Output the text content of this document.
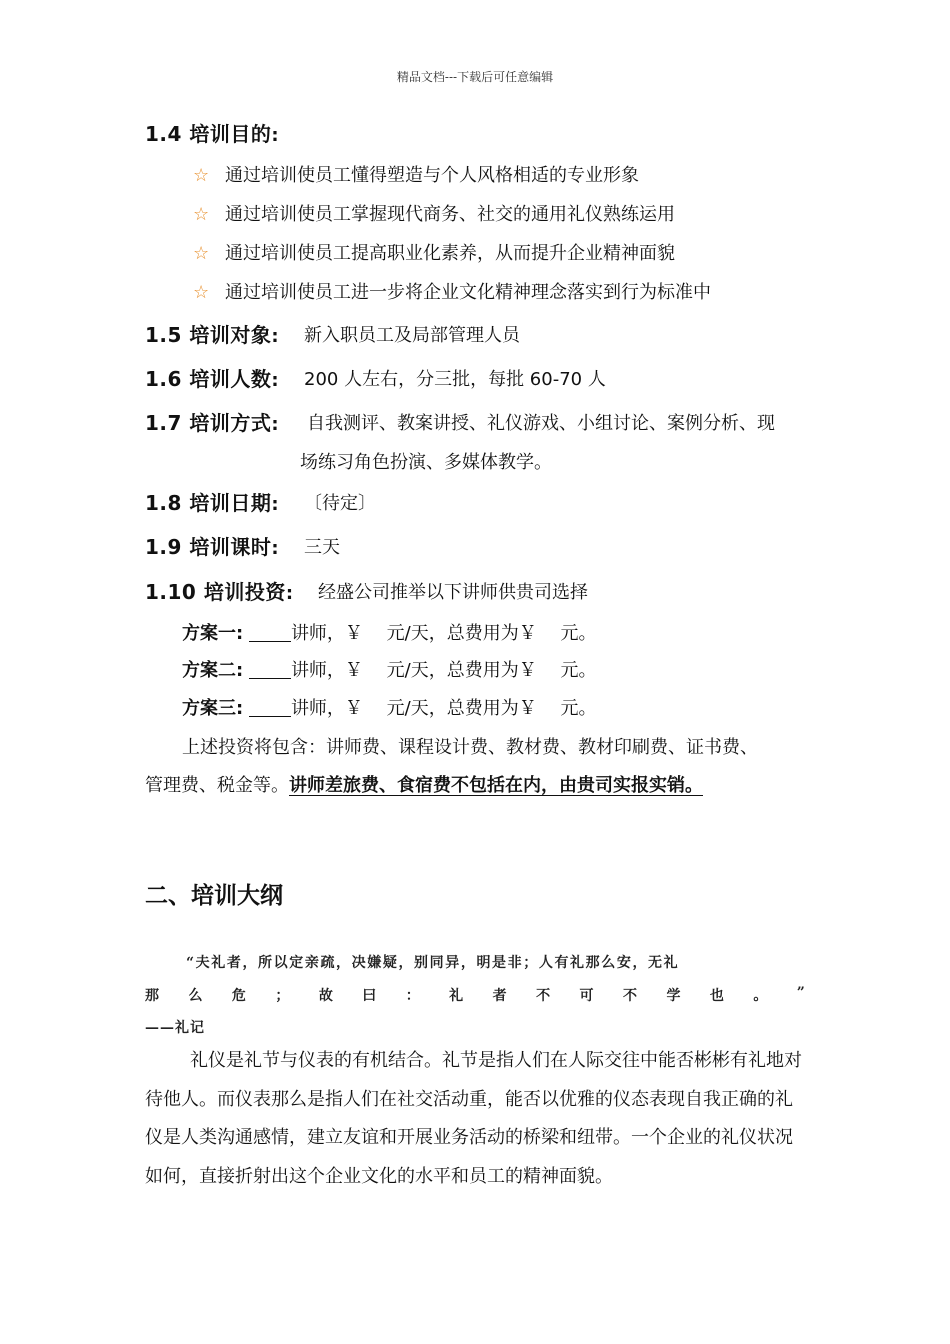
精品文档---下载后可任意编辑
1.4 培训目的:
☆ 通过培训使员工懂得塑造与个人风格相适的专业形象
☆ 通过培训使员工掌握现代商务、社交的通用礼仪熟练运用
☆ 通过培训使员工提高职业化素养，从而提升企业精神面貌
☆ 通过培训使员工进一步将企业文化精神理念落实到行为标准中
1.5 培训对象: 新入职员工及局部管理人员
1.6 培训人数: 200 人左右，分三批，每批 60-70 人
1.7 培训方式: 自我测评、教案讲授、礼仪游戏、小组讨论、案例分析、现
场练习角色扮演、多媒体教学。
1.8 培训日期: 〔待定〕
1.9 培训课时: 三天
1.10 培训投资: 经盛公司推举以下讲师供贵司选择
方案一:	讲师，￥　 元/天，总费用为￥　 元。
方案二:	讲师，￥　 元/天，总费用为￥　 元。
方案三:	讲师，￥　 元/天，总费用为￥　 元。
上述投资将包含：讲师费、课程设计费、教材费、教材印刷费、证书费、
管理费、税金等。讲师差旅费、食宿费不包括在内，由贵司实报实销。
二、培训大纲
“夫礼者，所以定亲疏，决嫌疑，别同异，明是非；人有礼那么安，无礼
那 么 危 ； 故 曰 ： 礼 者 不 可 不 学 也 。 ”
——礼记
礼仪是礼节与仪表的有机结合。礼节是指人们在人际交往中能否彬彬有礼地对待他人。而仪表那么是指人们在社交活动重，能否以优雅的仪态表现自我正确的礼仪是人类沟通感情，建立友谊和开展业务活动的桥梁和纽带。一个企业的礼仪状况如何，直接折射出这个企业文化的水平和员工的精神面貌。
